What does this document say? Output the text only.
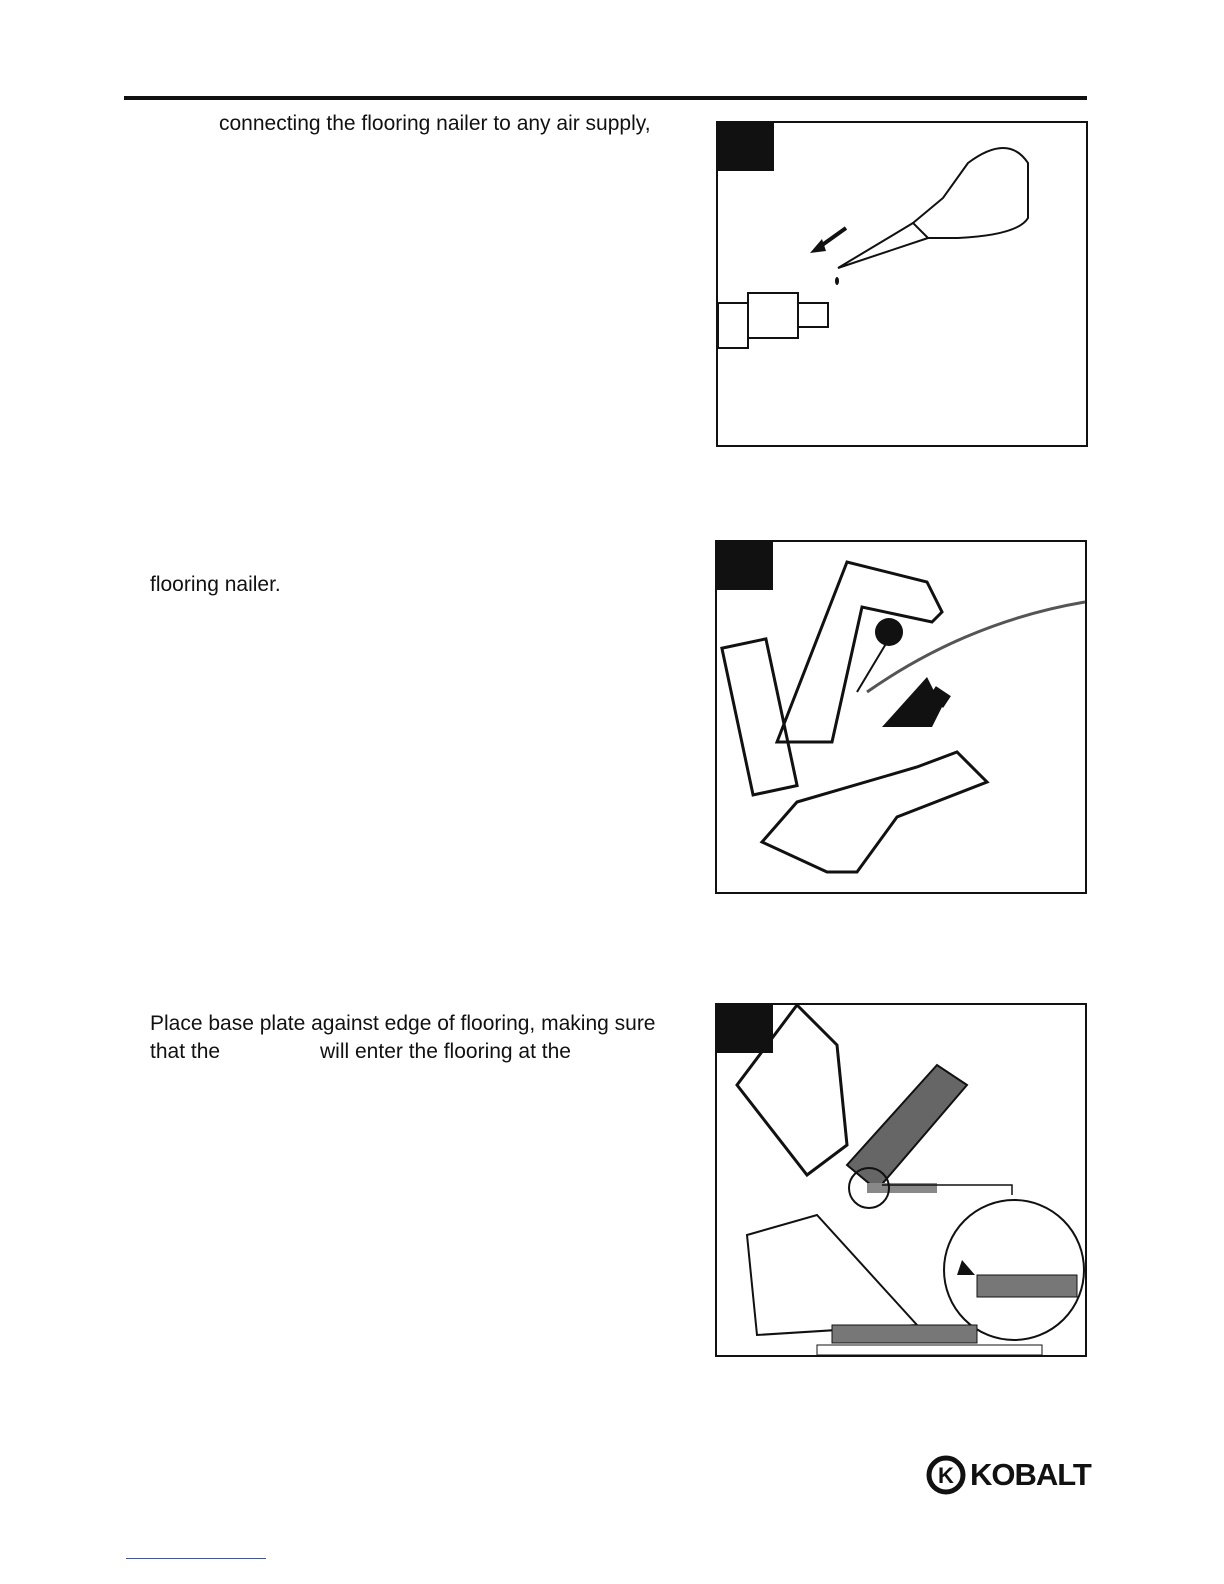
connecting the flooring nailer to any air supply,
flooring nailer.
Place base plate against edge of flooring, making sure
that the	will enter the flooring at the
K KOBALT
